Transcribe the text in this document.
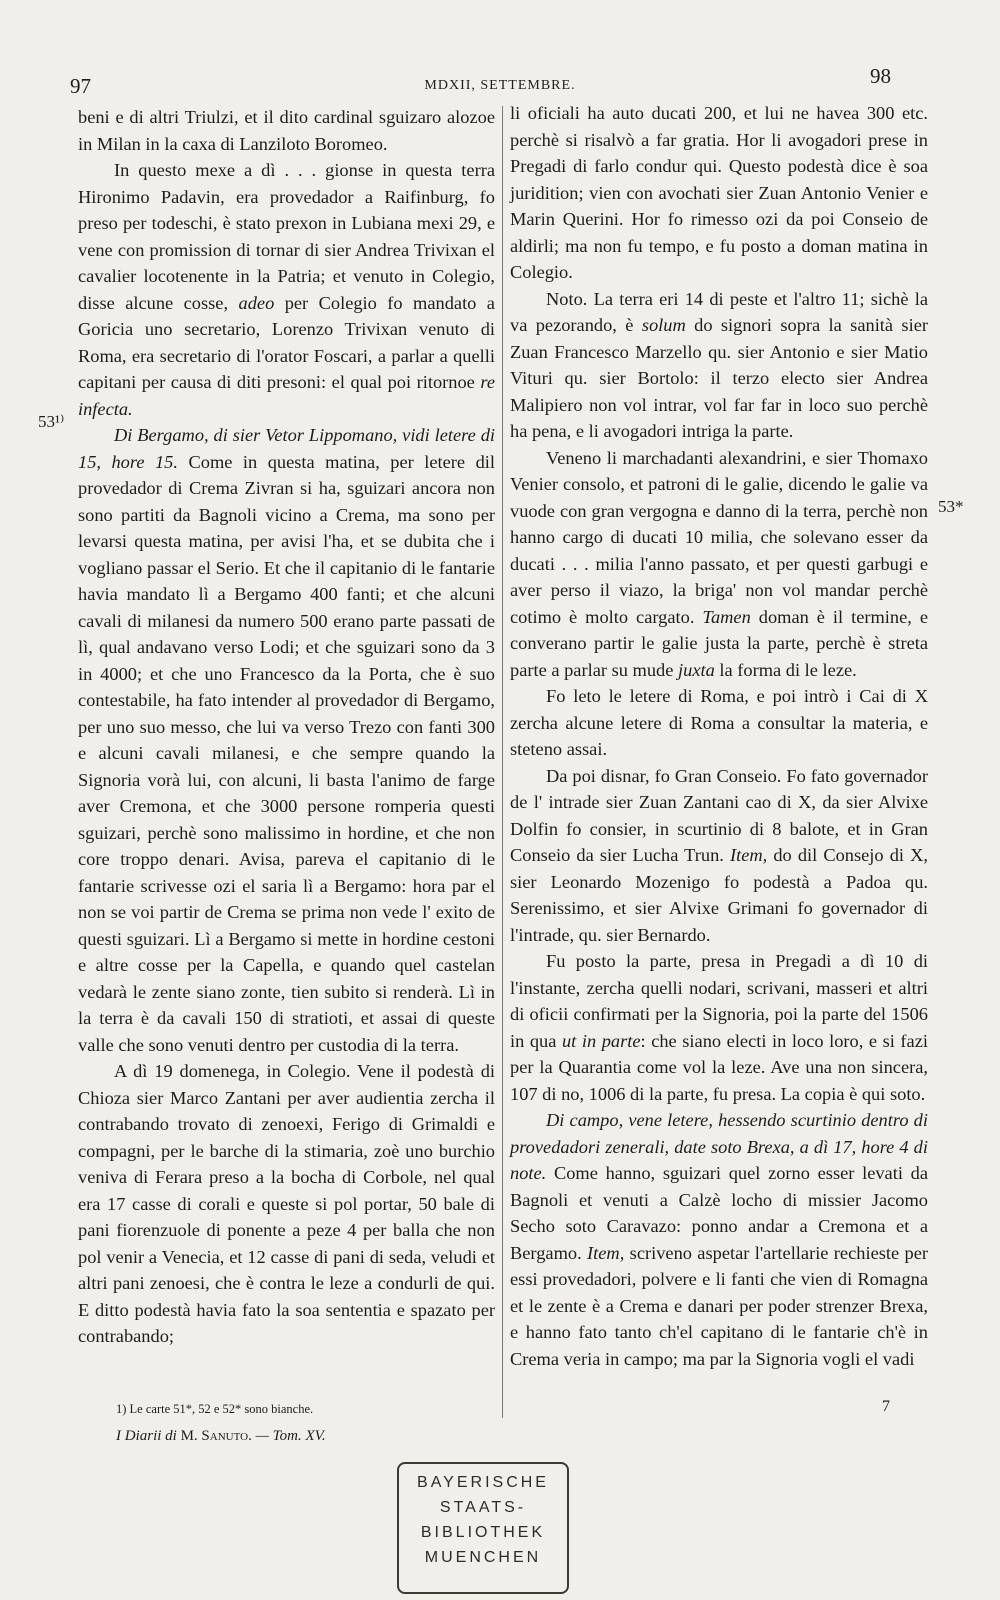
97	MDXII, SETTEMBRE.	98
53¹⁾
53*

beni e di altri Triulzi, et il dito cardinal sguizaro alozoe in Milan in la caxa di Lanziloto Boromeo.

In questo mexe a dì . . . gionse in questa terra Hironimo Padavin, era provedador a Raifinburg, fo preso per todeschi, è stato prexon in Lubiana mexi 29, e vene con promission di tornar di sier Andrea Trivixan el cavalier locotenente in la Patria; et venuto in Colegio, disse alcune cosse, adeo per Colegio fo mandato a Goricia uno secretario, Lorenzo Trivixan venuto di Roma, era secretario di l'orator Foscari, a parlar a quelli capitani per causa di diti presoni: el qual poi ritornoe re infecta.

Di Bergamo, di sier Vetor Lippomano, vidi letere di 15, hore 15. Come in questa matina, per letere dil provedador di Crema Zivran si ha, sguizari ancora non sono partiti da Bagnoli vicino a Crema, ma sono per levarsi questa matina, per avisi l'ha, et se dubita che i vogliano passar el Serio. Et che il capitanio di le fantarie havia mandato lì a Bergamo 400 fanti; et che alcuni cavali di milanesi da numero 500 erano parte passati de lì, qual andavano verso Lodi; et che sguizari sono da 3 in 4000; et che uno Francesco da la Porta, che è suo contestabile, ha fato intender al provedador di Bergamo, per uno suo messo, che lui va verso Trezo con fanti 300 e alcuni cavali milanesi, e che sempre quando la Signoria vorà lui, con alcuni, li basta l'animo de farge aver Cremona, et che 3000 persone romperia questi sguizari, perchè sono malissimo in hordine, et che non core troppo denari. Avisa, pareva el capitanio di le fantarie scrivesse ozi el saria lì a Bergamo: hora par el non se voi partir de Crema se prima non vede l' exito de questi sguizari. Lì a Bergamo si mette in hordine cestoni e altre cosse per la Capella, e quando quel castelan vedarà le zente siano zonte, tien subito si renderà. Lì in la terra è da cavali 150 di stratioti, et assai di queste valle che sono venuti dentro per custodia di la terra.

A dì 19 domenega, in Colegio. Vene il podestà di Chioza sier Marco Zantani per aver audientia zercha il contrabando trovato di zenoexi, Ferigo di Grimaldi e compagni, per le barche di la stimaria, zoè uno burchio veniva di Ferara preso a la bocha di Corbole, nel qual era 17 casse di corali e queste si pol portar, 50 bale di pani fiorenzuole di ponente a peze 4 per balla che non pol venir a Venecia, et 12 casse di pani di seda, veludi et altri pani zenoesi, che è contra le leze a condurli de qui. E ditto podestà havia fato la soa sententia e spazato per contrabando;

li oficiali ha auto ducati 200, et lui ne havea 300 etc. perchè si risalvò a far gratia. Hor li avogadori prese in Pregadi di farlo condur qui. Questo podestà dice è soa juridition; vien con avochati sier Zuan Antonio Venier e Marin Querini. Hor fo rimesso ozi da poi Conseio de aldirli; ma non fu tempo, e fu posto a doman matina in Colegio.

Noto. La terra eri 14 di peste et l'altro 11; sichè la va pezorando, è solum do signori sopra la sanità sier Zuan Francesco Marzello qu. sier Antonio e sier Matio Vituri qu. sier Bortolo: il terzo electo sier Andrea Malipiero non vol intrar, vol far far in loco suo perchè ha pena, e li avogadori intriga la parte.

Veneno li marchadanti alexandrini, e sier Thomaxo Venier consolo, et patroni di le galie, dicendo le galie va vuode con gran vergogna e danno di la terra, perchè non hanno cargo di ducati 10 milia, che solevano esser da ducati . . . milia l'anno passato, et per questi garbugi e aver perso il viazo, la briga' non vol mandar perchè cotimo è molto cargato. Tamen doman è il termine, e converano partir le galie justa la parte, perchè è streta parte a parlar su mude juxta la forma di le leze.

Fo leto le letere di Roma, e poi intrò i Cai di X zercha alcune letere di Roma a consultar la materia, e steteno assai.

Da poi disnar, fo Gran Conseio. Fo fato governador de l' intrade sier Zuan Zantani cao di X, da sier Alvixe Dolfin fo consier, in scurtinio di 8 balote, et in Gran Conseio da sier Lucha Trun. Item, do dil Consejo di X, sier Leonardo Mozenigo fo podestà a Padoa qu. Serenissimo, et sier Alvixe Grimani fo governador di l'intrade, qu. sier Bernardo.

Fu posto la parte, presa in Pregadi a dì 10 di l'instante, zercha quelli nodari, scrivani, masseri et altri di oficii confirmati per la Signoria, poi la parte del 1506 in qua ut in parte: che siano electi in loco loro, e si fazi per la Quarantia come vol la leze. Ave una non sincera, 107 di no, 1006 di la parte, fu presa. La copia è qui soto.

Di campo, vene letere, hessendo scurtinio dentro di provedadori zenerali, date soto Brexa, a dì 17, hore 4 di note. Come hanno, sguizari quel zorno esser levati da Bagnoli et venuti a Calzè locho di missier Jacomo Secho soto Caravazo: ponno andar a Cremona et a Bergamo. Item, scriveno aspetar l'artellarie rechieste per essi provedadori, polvere e li fanti che vien di Romagna et le zente è a Crema e danari per poder strenzer Brexa, e hanno fato tanto ch'el capitano di le fantarie ch'è in Crema veria in campo; ma par la Signoria vogli el vadi

1) Le carte 51*, 52 e 52* sono bianche.
I Diarii di M. Sanuto. — Tom. XV.
7
BAYERISCHE
STAATS-
BIBLIOTHEK
MUENCHEN
